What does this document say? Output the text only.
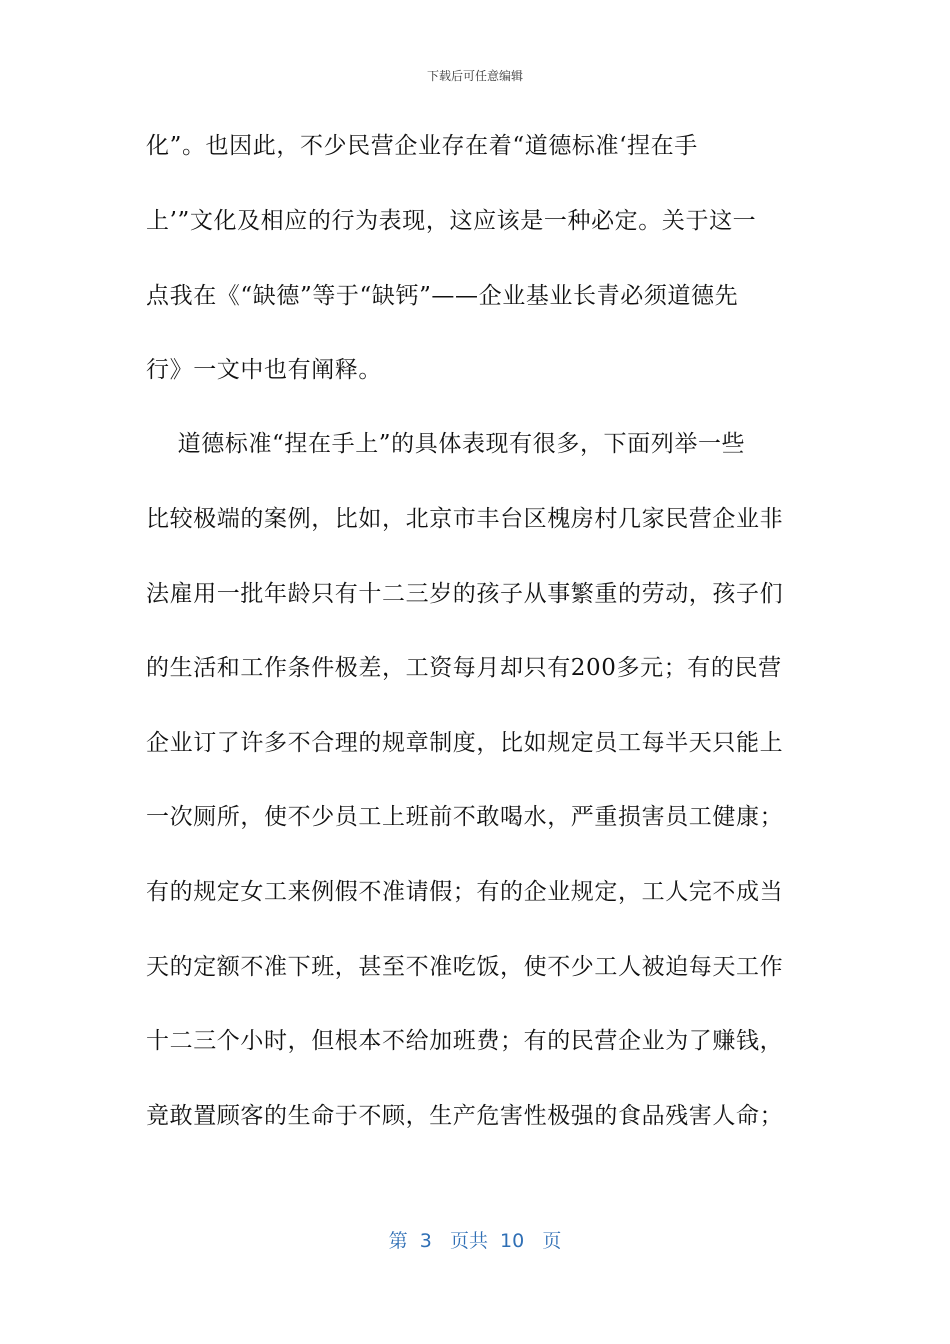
下载后可任意编辑
化”。也因此，不少民营企业存在着“道德标准‘捏在手
上’”文化及相应的行为表现，这应该是一种必定。关于这一
点我在《“缺德”等于“缺钙”——企业基业长青必须道德先
行》一文中也有阐释。
道德标准“捏在手上”的具体表现有很多，下面列举一些
比较极端的案例，比如，北京市丰台区槐房村几家民营企业非
法雇用一批年龄只有十二三岁的孩子从事繁重的劳动，孩子们
的生活和工作条件极差，工资每月却只有200多元；有的民营
企业订了许多不合理的规章制度，比如规定员工每半天只能上
一次厕所，使不少员工上班前不敢喝水，严重损害员工健康；
有的规定女工来例假不准请假；有的企业规定，工人完不成当
天的定额不准下班，甚至不准吃饭，使不少工人被迫每天工作
十二三个小时，但根本不给加班费；有的民营企业为了赚钱，
竟敢置顾客的生命于不顾，生产危害性极强的食品残害人命；
第  3   页共  10   页
